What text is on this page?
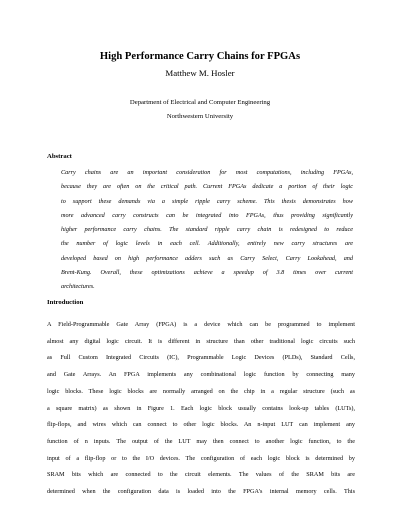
High Performance Carry Chains for FPGAs
Matthew M. Hosler
Department of Electrical and Computer Engineering
Northwestern University
Abstract
Carry chains are an important consideration for most computations, including FPGAs,
because they are often on the critical path. Current FPGAs dedicate a portion of their logic
to support these demands via a simple ripple carry scheme. This thesis demonstrates how
more advanced carry constructs can be integrated into FPGAs, thus providing significantly
higher performance carry chains. The standard ripple carry chain is redesigned to reduce
the number of logic levels in each cell. Additionally, entirely new carry structures are
developed based on high performance adders such as Carry Select, Carry Lookahead, and
Brent-Kung. Overall, these optimizations achieve a speedup of 3.8 times over current
architectures.
Introduction
A Field-Programmable Gate Array (FPGA) is a device which can be programmed to implement
almost any digital logic circuit. It is different in structure than other traditional logic circuits such
as Full Custom Integrated Circuits (IC), Programmable Logic Devices (PLDs), Standard Cells,
and Gate Arrays. An FPGA implements any combinational logic function by connecting many
logic blocks. These logic blocks are normally arranged on the chip in a regular structure (such as
a square matrix) as shown in Figure 1. Each logic block usually contains look-up tables (LUTs),
flip-flops, and wires which can connect to other logic blocks. An n-input LUT can implement any
function of n inputs. The output of the LUT may then connect to another logic function, to the
input of a flip-flop or to the I/O devices. The configuration of each logic block is determined by
SRAM bits which are connected to the circuit elements. The values of the SRAM bits are
determined when the configuration data is loaded into the FPGA's internal memory cells. This
